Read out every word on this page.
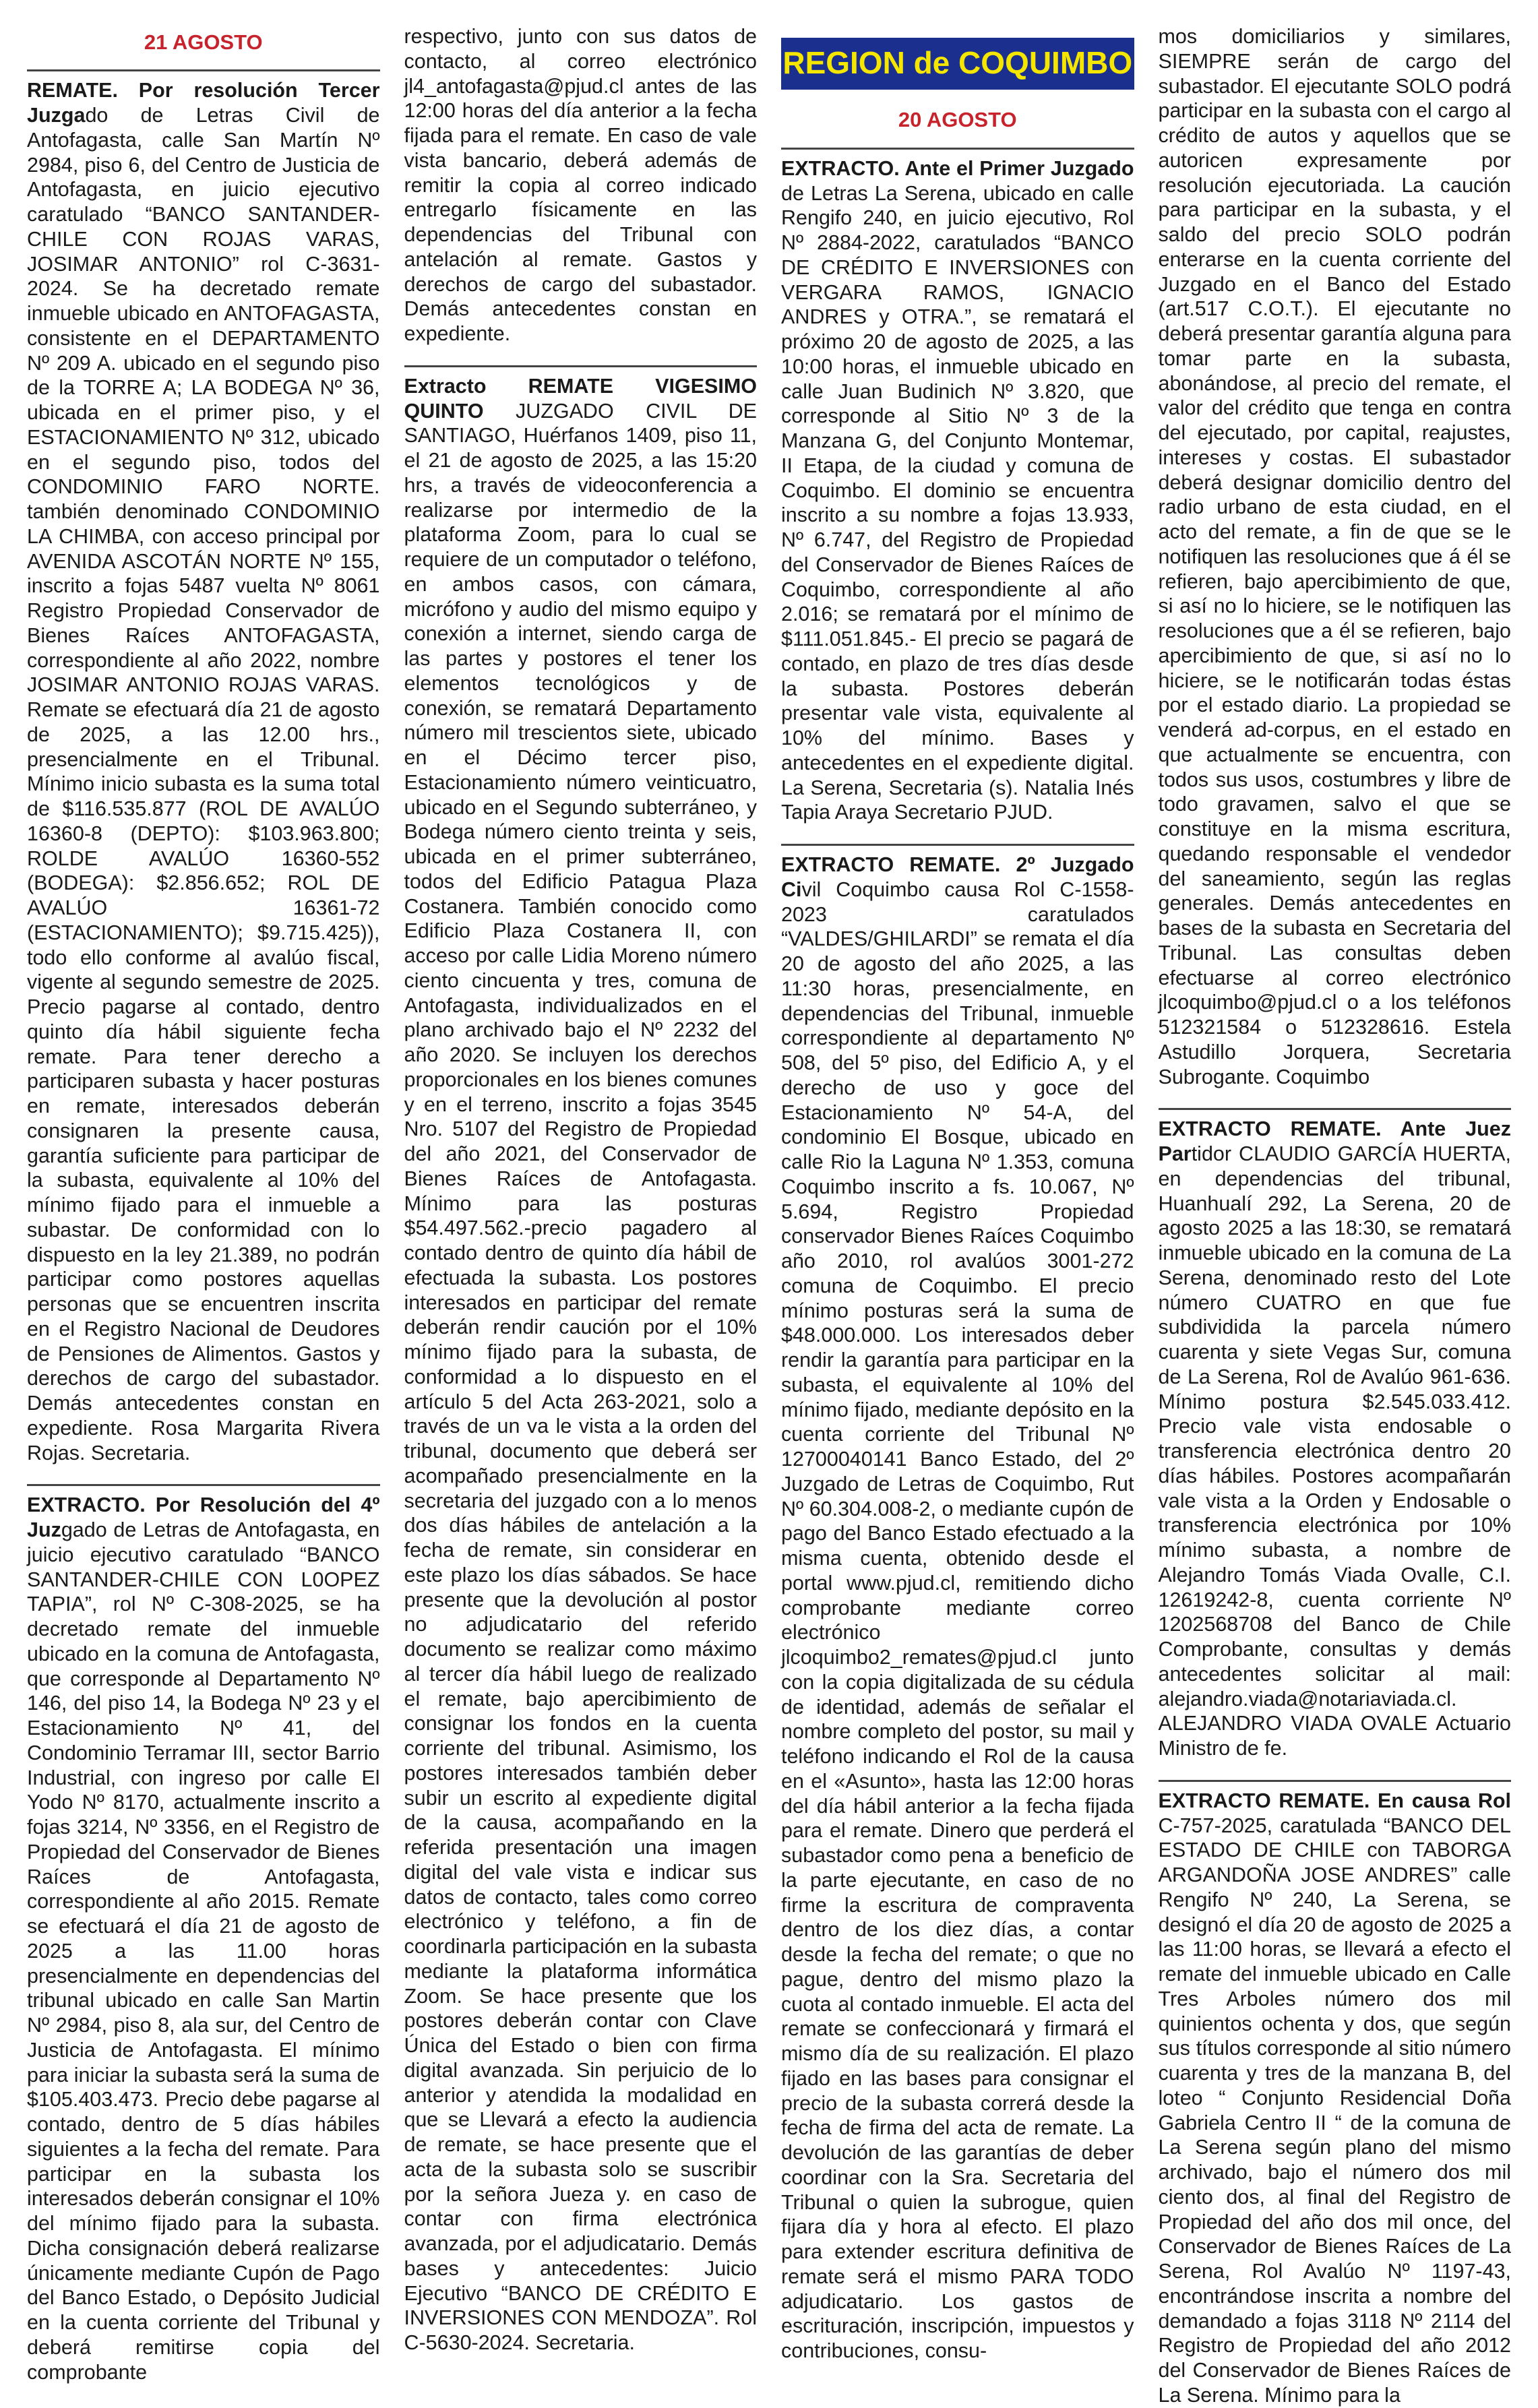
21 AGOSTO

REMATE. Por resolución Tercer Juzgado de Letras Civil de Antofagasta, calle San Martín Nº 2984, piso 6, del Centro de Justicia de Antofagasta, en juicio ejecutivo caratulado “BANCO SANTANDER-CHILE CON ROJAS VARAS, JOSIMAR ANTONIO” rol C-3631-2024. Se ha decretado remate inmueble ubicado en ANTOFAGASTA, consistente en el DEPARTAMENTO Nº 209 A. ubicado en el segundo piso de la TORRE A; LA BODEGA Nº 36, ubicada en el primer piso, y el ESTACIONAMIENTO Nº 312, ubicado en el segundo piso, todos del CONDOMINIO FARO NORTE. también denominado CONDOMINIO LA CHIMBA, con acceso principal por AVENIDA ASCOTÁN NORTE Nº 155, inscrito a fojas 5487 vuelta Nº 8061 Registro Propiedad Conservador de Bienes Raíces ANTOFAGASTA, correspondiente al año 2022, nombre JOSIMAR ANTONIO ROJAS VARAS. Remate se efectuará día 21 de agosto de 2025, a las 12.00 hrs., presencialmente en el Tribunal. Mínimo inicio subasta es la suma total de $116.535.877 (ROL DE AVALÚO 16360-8 (DEPTO): $103.963.800; ROLDE AVALÚO 16360-552 (BODEGA): $2.856.652; ROL DE AVALÚO 16361-72 (ESTACIONAMIENTO); $9.715.425)), todo ello conforme al avalúo fiscal, vigente al segundo semestre de 2025. Precio pagarse al contado, dentro quinto día hábil siguiente fecha remate. Para tener derecho a participaren subasta y hacer posturas en remate, interesados deberán consignaren la presente causa, garantía suficiente para participar de la subasta, equivalente al 10% del mínimo fijado para el inmueble a subastar. De conformidad con lo dispuesto en la ley 21.389, no podrán participar como postores aquellas personas que se encuentren inscrita en el Registro Nacional de Deudores de Pensiones de Alimentos. Gastos y derechos de cargo del subastador. Demás antecedentes constan en expediente. Rosa Margarita Rivera Rojas. Secretaria.

EXTRACTO. Por Resolución del 4º Juzgado de Letras de Antofagasta, en juicio ejecutivo caratulado “BANCO SANTANDER-CHILE CON L0OPEZ TAPIA”, rol Nº C-308-2025, se ha decretado remate del inmueble ubicado en la comuna de Antofagasta, que corresponde al Departamento Nº 146, del piso 14, la Bodega Nº 23 y el Estacionamiento Nº 41, del Condominio Terramar III, sector Barrio Industrial, con ingreso por calle El Yodo Nº 8170, actualmente inscrito a fojas 3214, Nº 3356, en el Registro de Propiedad del Conservador de Bienes Raíces de Antofagasta, correspondiente al año 2015. Remate se efectuará el día 21 de agosto de 2025 a las 11.00 horas presencialmente en dependencias del tribunal ubicado en calle San Martin Nº 2984, piso 8, ala sur, del Centro de Justicia de Antofagasta. El mínimo para iniciar la subasta será la suma de $105.403.473. Precio debe pagarse al contado, dentro de 5 días hábiles siguientes a la fecha del remate. Para participar en la subasta los interesados deberán consignar el 10% del mínimo fijado para la subasta. Dicha consignación deberá realizarse únicamente mediante Cupón de Pago del Banco Estado, o Depósito Judicial en la cuenta corriente del Tribunal y deberá remitirse copia del comprobante

respectivo, junto con sus datos de contacto, al correo electrónico jl4_antofagasta@pjud.cl antes de las 12:00 horas del día anterior a la fecha fijada para el remate. En caso de vale vista bancario, deberá además de remitir la copia al correo indicado entregarlo físicamente en las dependencias del Tribunal con antelación al remate. Gastos y derechos de cargo del subastador. Demás antecedentes constan en expediente.

Extracto REMATE VIGESIMO QUINTO JUZGADO CIVIL DE SANTIAGO, Huérfanos 1409, piso 11, el 21 de agosto de 2025, a las 15:20 hrs, a través de videoconferencia a realizarse por intermedio de la plataforma Zoom, para lo cual se requiere de un computador o teléfono, en ambos casos, con cámara, micrófono y audio del mismo equipo y conexión a internet, siendo carga de las partes y postores el tener los elementos tecnológicos y de conexión, se rematará Departamento número mil trescientos siete, ubicado en el Décimo tercer piso, Estacionamiento número veinticuatro, ubicado en el Segundo subterráneo, y Bodega número ciento treinta y seis, ubicada en el primer subterráneo, todos del Edificio Patagua Plaza Costanera. También conocido como Edificio Plaza Costanera II, con acceso por calle Lidia Moreno número ciento cincuenta y tres, comuna de Antofagasta, individualizados en el plano archivado bajo el Nº 2232 del año 2020. Se incluyen los derechos proporcionales en los bienes comunes y en el terreno, inscrito a fojas 3545 Nro. 5107 del Registro de Propiedad del año 2021, del Conservador de Bienes Raíces de Antofagasta. Mínimo para las posturas $54.497.562.-precio pagadero al contado dentro de quinto día hábil de efectuada la subasta. Los postores interesados en participar del remate deberán rendir caución por el 10% mínimo fijado para la subasta, de conformidad a lo dispuesto en el artículo 5 del Acta 263-2021, solo a través de un va le vista a la orden del tribunal, documento que deberá ser acompañado presencialmente en la secretaria del juzgado con a lo menos dos días hábiles de antelación a la fecha de remate, sin considerar en este plazo los días sábados. Se hace presente que la devolución al postor no adjudicatario del referido documento se realizar como máximo al tercer día hábil luego de realizado el remate, bajo apercibimiento de consignar los fondos en la cuenta corriente del tribunal. Asimismo, los postores interesados también deber subir un escrito al expediente digital de la causa, acompañando en la referida presentación una imagen digital del vale vista e indicar sus datos de contacto, tales como correo electrónico y teléfono, a fin de coordinarla participación en la subasta mediante la plataforma informática Zoom. Se hace presente que los postores deberán contar con Clave Única del Estado o bien con firma digital avanzada. Sin perjuicio de lo anterior y atendida la modalidad en que se Llevará a efecto la audiencia de remate, se hace presente que el acta de la subasta solo se suscribir por la señora Jueza y. en caso de contar con firma electrónica avanzada, por el adjudicatario. Demás bases y antecedentes: Juicio Ejecutivo “BANCO DE CRÉDITO E INVERSIONES CON MENDOZA”. Rol C-5630-2024. Secretaria.

REGION de COQUIMBO
20 AGOSTO

EXTRACTO. Ante el Primer Juzgado de Letras La Serena, ubicado en calle Rengifo 240, en juicio ejecutivo, Rol Nº 2884-2022, caratulados “BANCO DE CRÉDITO E INVERSIONES con VERGARA RAMOS, IGNACIO ANDRES y OTRA.”, se rematará el próximo 20 de agosto de 2025, a las 10:00 horas, el inmueble ubicado en calle Juan Budinich Nº 3.820, que corresponde al Sitio Nº 3 de la Manzana G, del Conjunto Montemar, II Etapa, de la ciudad y comuna de Coquimbo. El dominio se encuentra inscrito a su nombre a fojas 13.933, Nº 6.747, del Registro de Propiedad del Conservador de Bienes Raíces de Coquimbo, correspondiente al año 2.016; se rematará por el mínimo de $111.051.845.- El precio se pagará de contado, en plazo de tres días desde la subasta. Postores deberán presentar vale vista, equivalente al 10% del mínimo. Bases y antecedentes en el expediente digital. La Serena, Secretaria (s). Natalia Inés Tapia Araya Secretario PJUD.

EXTRACTO REMATE. 2º Juzgado Civil Coquimbo causa Rol C-1558-2023 caratulados “VALDES/GHILARDI” se remata el día 20 de agosto del año 2025, a las 11:30 horas, presencialmente, en dependencias del Tribunal, inmueble correspondiente al departamento Nº 508, del 5º piso, del Edificio A, y el derecho de uso y goce del Estacionamiento Nº 54-A, del condominio El Bosque, ubicado en calle Rio la Laguna Nº 1.353, comuna Coquimbo inscrito a fs. 10.067, Nº 5.694, Registro Propiedad conservador Bienes Raíces Coquimbo año 2010, rol avalúos 3001-272 comuna de Coquimbo. El precio mínimo posturas será la suma de $48.000.000. Los interesados deber rendir la garantía para participar en la subasta, el equivalente al 10% del mínimo fijado, mediante depósito en la cuenta corriente del Tribunal Nº 12700040141 Banco Estado, del 2º Juzgado de Letras de Coquimbo, Rut Nº 60.304.008-2, o mediante cupón de pago del Banco Estado efectuado a la misma cuenta, obtenido desde el portal www.pjud.cl, remitiendo dicho comprobante mediante correo electrónico jlcoquimbo2_remates@pjud.cl junto con la copia digitalizada de su cédula de identidad, además de señalar el nombre completo del postor, su mail y teléfono indicando el Rol de la causa en el «Asunto», hasta las 12:00 horas del día hábil anterior a la fecha fijada para el remate. Dinero que perderá el subastador como pena a beneficio de la parte ejecutante, en caso de no firme la escritura de compraventa dentro de los diez días, a contar desde la fecha del remate; o que no pague, dentro del mismo plazo la cuota al contado inmueble. El acta del remate se confeccionará y firmará el mismo día de su realización. El plazo fijado en las bases para consignar el precio de la subasta correrá desde la fecha de firma del acta de remate. La devolución de las garantías de deber coordinar con la Sra. Secretaria del Tribunal o quien la subrogue, quien fijara día y hora al efecto. El plazo para extender escritura definitiva de remate será el mismo PARA TODO adjudicatario. Los gastos de escrituración, inscripción, impuestos y contribuciones, consu-

mos domiciliarios y similares, SIEMPRE serán de cargo del subastador. El ejecutante SOLO podrá participar en la subasta con el cargo al crédito de autos y aquellos que se autoricen expresamente por resolución ejecutoriada. La caución para participar en la subasta, y el saldo del precio SOLO podrán enterarse en la cuenta corriente del Juzgado en el Banco del Estado (art.517 C.O.T.). El ejecutante no deberá presentar garantía alguna para tomar parte en la subasta, abonándose, al precio del remate, el valor del crédito que tenga en contra del ejecutado, por capital, reajustes, intereses y costas. El subastador deberá designar domicilio dentro del radio urbano de esta ciudad, en el acto del remate, a fin de que se le notifiquen las resoluciones que á él se refieren, bajo apercibimiento de que, si así no lo hiciere, se le notifiquen las resoluciones que a él se refieren, bajo apercibimiento de que, si así no lo hiciere, se le notificarán todas éstas por el estado diario. La propiedad se venderá ad-corpus, en el estado en que actualmente se encuentra, con todos sus usos, costumbres y libre de todo gravamen, salvo el que se constituye en la misma escritura, quedando responsable el vendedor del saneamiento, según las reglas generales. Demás antecedentes en bases de la subasta en Secretaria del Tribunal. Las consultas deben efectuarse al correo electrónico jlcoquimbo@pjud.cl o a los teléfonos 512321584 o 512328616. Estela Astudillo Jorquera, Secretaria Subrogante. Coquimbo

EXTRACTO REMATE. Ante Juez Partidor CLAUDIO GARCÍA HUERTA, en dependencias del tribunal, Huanhualí 292, La Serena, 20 de agosto 2025 a las 18:30, se rematará inmueble ubicado en la comuna de La Serena, denominado resto del Lote número CUATRO en que fue subdividida la parcela número cuarenta y siete Vegas Sur, comuna de La Serena, Rol de Avalúo 961-636. Mínimo postura $2.545.033.412. Precio vale vista endosable o transferencia electrónica dentro 20 días hábiles. Postores acompañarán vale vista a la Orden y Endosable o transferencia electrónica por 10% mínimo subasta, a nombre de Alejandro Tomás Viada Ovalle, C.I. 12619242-8, cuenta corriente Nº 1202568708 del Banco de Chile Comprobante, consultas y demás antecedentes solicitar al mail: alejandro.viada@notariaviada.cl. ALEJANDRO VIADA OVALE Actuario Ministro de fe.

EXTRACTO REMATE. En causa Rol C-757-2025, caratulada “BANCO DEL ESTADO DE CHILE con TABORGA ARGANDOÑA JOSE ANDRES” calle Rengifo Nº 240, La Serena, se designó el día 20 de agosto de 2025 a las 11:00 horas, se llevará a efecto el remate del inmueble ubicado en Calle Tres Arboles número dos mil quinientos ochenta y dos, que según sus títulos corresponde al sitio número cuarenta y tres de la manzana B, del loteo “ Conjunto Residencial Doña Gabriela Centro II “ de la comuna de La Serena según plano del mismo archivado, bajo el número dos mil ciento dos, al final del Registro de Propiedad del año dos mil once, del Conservador de Bienes Raíces de La Serena, Rol Avalúo Nº 1197-43, encontrándose inscrita a nombre del demandado a fojas 3118 Nº 2114 del Registro de Propiedad del año 2012 del Conservador de Bienes Raíces de La Serena. Mínimo para la
